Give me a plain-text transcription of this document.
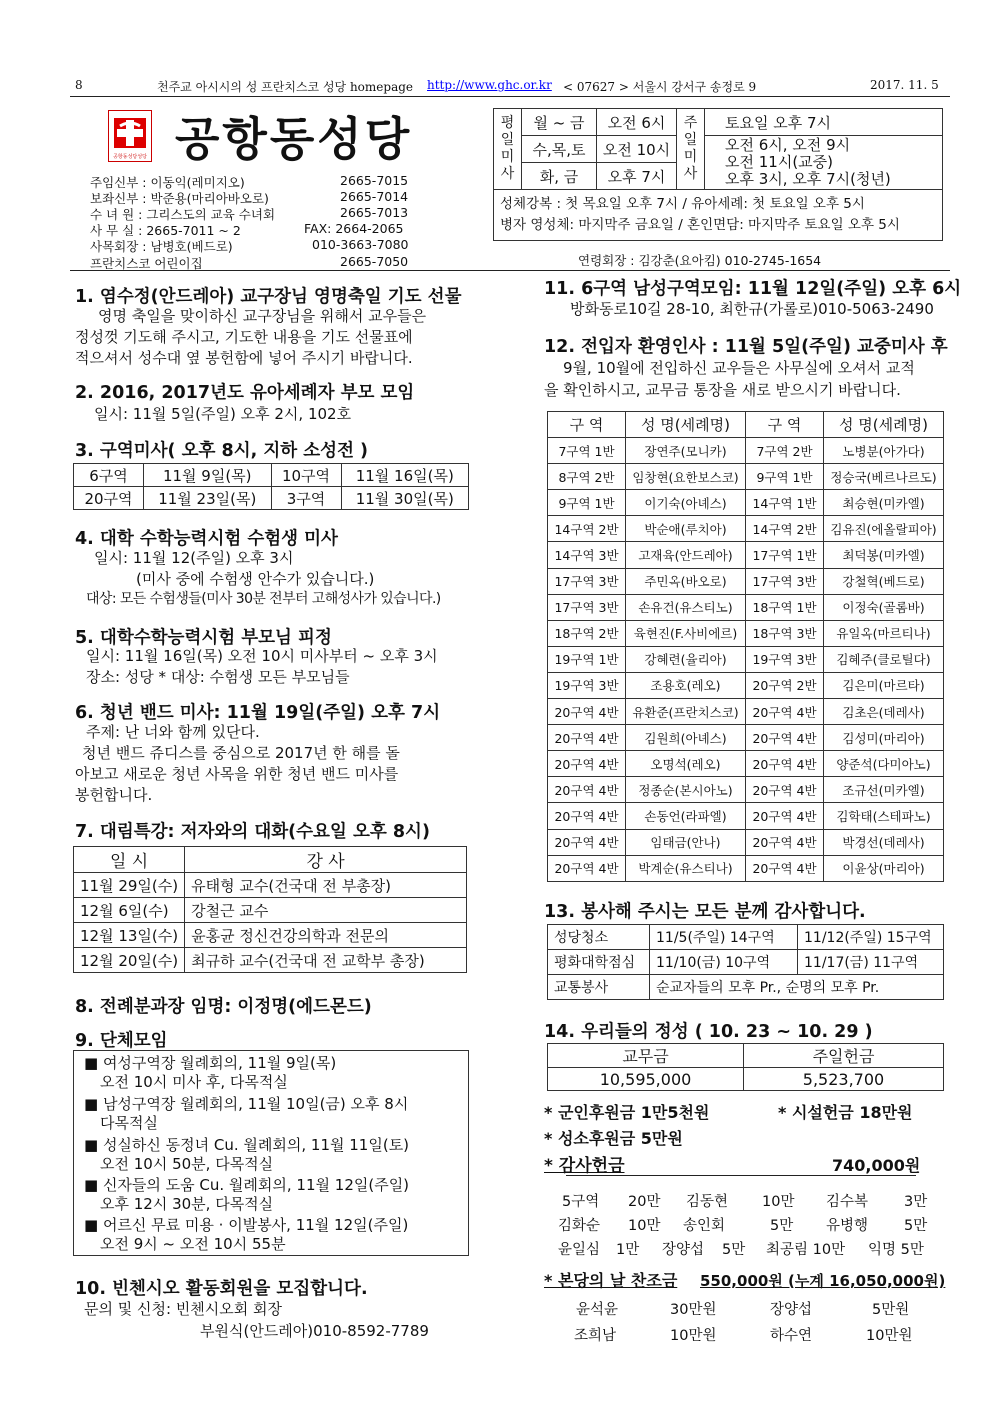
8	천주교 아시시의 성 프란치스코 성당 homepage http://www.ghc.or.kr < 07627 > 서울시 강서구 송정로 9	2017. 11. 5
공항동성당성당 공항동성당
주임신부 : 이동익(레미지오)	2665-7015
보좌신부 : 박준용(마리아바오로)	2665-7014
수 녀 원 : 그리스도의 교육 수녀회	2665-7013
사 무 실 : 2665-7011 ~ 2	FAX: 2664-2065
사목회장 : 남병호(베드로)	010-3663-7080
프란치스코 어린이집	2665-7050
평일미사	월 ~ 금	오전 6시	주일미사	토요일 오후 7시
	수,목,토	오전 10시		오전 6시, 오전 9시
오전 11시(교중)
오후 3시, 오후 7시(청년)

	화, 금	오후 7시		

성체강복 : 첫 목요일 오후 7시 / 유아세례: 첫 토요일 오후 5시
병자 영성체: 마지막주 금요일 / 혼인면담: 마지막주 토요일 오후 5시				
연령회장 : 김강춘(요아킴) 010-2745-1654
1. 염수정(안드레아) 교구장님 영명축일 기도 선물
영명 축일을 맞이하신 교구장님을 위해서 교우들은
정성껏 기도해 주시고, 기도한 내용을 기도 선물표에
적으셔서 성수대 옆 봉헌함에 넣어 주시기 바랍니다.
2. 2016, 2017년도 유아세례자 부모 모임
일시: 11월 5일(주일) 오후 2시, 102호
3. 구역미사( 오후 8시, 지하 소성전 )
6구역	11월 9일(목)	10구역	11월 16일(목)
20구역	11월 23일(목)	3구역	11월 30일(목)
4. 대학 수학능력시험 수험생 미사
일시: 11월 12(주일) 오후 3시
(미사 중에 수험생 안수가 있습니다.)
대상: 모든 수험생들(미사 30분 전부터 고해성사가 있습니다.)
5. 대학수학능력시험 부모님 피정
일시: 11월 16일(목) 오전 10시 미사부터 ~ 오후 3시
장소: 성당 * 대상: 수험생 모든 부모님들
6. 청년 밴드 미사: 11월 19일(주일) 오후 7시
주제: 난 너와 함께 있단다.
청년 밴드 쥬디스를 중심으로 2017년 한 해를 돌
아보고 새로운 청년 사목을 위한 청년 밴드 미사를
봉헌합니다.
7. 대림특강: 저자와의 대화(수요일 오후 8시)
일 시	강 사
11월 29일(수)	유태형 교수(건국대 전 부총장)
12월 6일(수)	강철근 교수
12월 13일(수)	윤홍균 정신건강의학과 전문의
12월 20일(수)	최규하 교수(건국대 전 교학부 총장)
8. 전례분과장 임명: 이정명(에드몬드)
9. 단체모임
■ 여성구역장 월례회의, 11월 9일(목)
오전 10시 미사 후, 다목적실
■ 남성구역장 월례회의, 11월 10일(금) 오후 8시
다목적실
■ 성실하신 동정녀 Cu. 월례회의, 11월 11일(토)
오전 10시 50분, 다목적실
■ 신자들의 도움 Cu. 월례회의, 11월 12일(주일)
오후 12시 30분, 다목적실
■ 어르신 무료 미용 · 이발봉사, 11월 12일(주일)
오전 9시 ~ 오전 10시 55분
10. 빈첸시오 활동회원을 모집합니다.
문의 및 신청: 빈첸시오회 회장
부원식(안드레아)010-8592-7789
11. 6구역 남성구역모임: 11월 12일(주일) 오후 6시
방화동로10길 28-10, 최한규(가롤로)010-5063-2490
12. 전입자 환영인사 : 11월 5일(주일) 교중미사 후
9월, 10월에 전입하신 교우들은 사무실에 오셔서 교적
을 확인하시고, 교무금 통장을 새로 받으시기 바랍니다.
구 역	성 명(세례명)	구 역	성 명(세례명)
7구역 1반	장연주(모니카)	7구역 2반	노병분(아가다)
8구역 2반	임창현(요한보스코)	9구역 1반	정승국(베르나르도)
9구역 1반	이기숙(아녜스)	14구역 1반	최승현(미카엘)
14구역 2반	박순애(루치아)	14구역 2반	김유진(에올랄피아)
14구역 3반	고재육(안드레아)	17구역 1반	최덕봉(미카엘)
17구역 3반	주민옥(바오로)	17구역 3반	강철혁(베드로)
17구역 3반	손유건(유스티노)	18구역 1반	이정숙(골롬바)
18구역 2반	육현진(F.사비에르)	18구역 3반	유일옥(마르티나)
19구역 1반	강혜련(율리아)	19구역 3반	김혜주(클로틸다)
19구역 3반	조용호(레오)	20구역 2반	김은미(마르타)
20구역 4반	유환준(프란치스코)	20구역 4반	김초은(데레사)
20구역 4반	김원희(아녜스)	20구역 4반	김성미(마리아)
20구역 4반	오명석(레오)	20구역 4반	양준석(다미아노)
20구역 4반	정종순(본시아노)	20구역 4반	조규선(미카엘)
20구역 4반	손동언(라파엘)	20구역 4반	김학태(스테파노)
20구역 4반	임태금(안나)	20구역 4반	박경선(데레사)
20구역 4반	박계순(유스티나)	20구역 4반	이윤상(마리아)
13. 봉사해 주시는 모든 분께 감사합니다.
성당청소	11/5(주일) 14구역	11/12(주일) 15구역
평화대학점심	11/10(금) 10구역	11/17(금) 11구역
교통봉사	순교자들의 모후 Pr., 순명의 모후 Pr.	
14. 우리들의 정성 ( 10. 23 ~ 10. 29 )
교무금	주일헌금
10,595,000	5,523,700
* 군인후원금 1만5천원	* 시설헌금 18만원
* 성소후원금 5만원
* 감사헌금	740,000원
5구역 20만 김동현 10만 김수복 3만
김화순 10만 송인회	5만 유병행 5만
윤일심 1만 장양섭 5만 최공림 10만 익명 5만
* 본당의 날 찬조금 550,000원 (누계 16,050,000원)
윤석윤	30만원	장양섭	5만원
조희남	10만원	하수연	10만원
